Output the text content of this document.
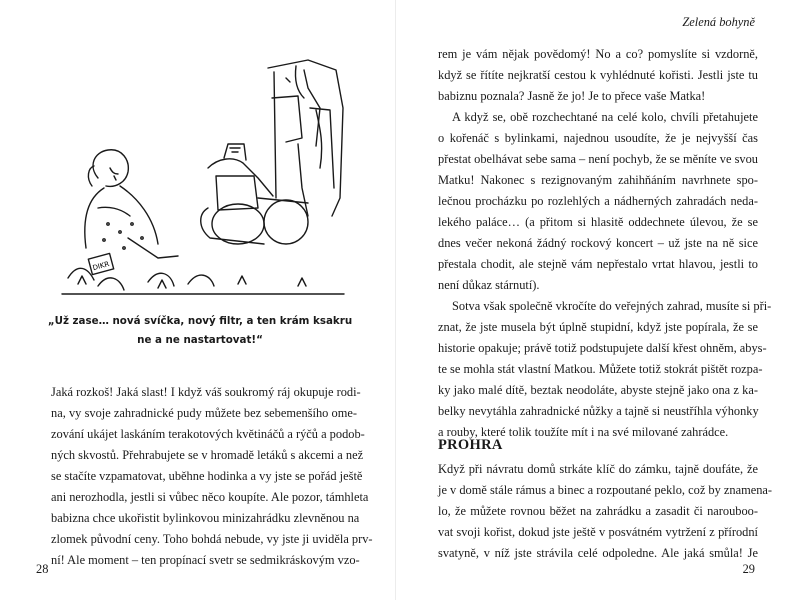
DIKR
„Už zase… nová svíčka, nový filtr, a ten krám ksakru
ne a ne nastartovat!“
Jaká rozkoš! Jaká slast! I když váš soukromý ráj okupuje rodi-
na, vy svoje zahradnické pudy můžete bez sebemenšího ome-
zování ukájet laskáním terakotových květináčů a rýčů a podob-
ných skvostů. Přehrabujete se v hromadě letáků s akcemi a než
se stačíte vzpamatovat, uběhne hodinka a vy jste se pořád ještě
ani nerozhodla, jestli si vůbec něco koupíte. Ale pozor, támhleta
babizna chce ukořistit bylinkovou minizahrádku zlevněnou na
zlomek původní ceny. Toho bohdá nebude, vy jste ji uviděla prv-
ní! Ale moment – ten propínací svetr se sedmikráskovým vzo-
28
Zelená bohyně
rem je vám nějak povědomý! No a co? pomyslíte si vzdorně,
když se řítíte nejkratší cestou k vyhlédnuté kořisti. Jestli jste tu
babiznu poznala? Jasně že jo! Je to přece vaše Matka!
A když se, obě rozchechtané na celé kolo, chvíli přetahujete
o kořenáč s bylinkami, najednou usoudíte, že je nejvyšší čas
přestat obelhávat sebe sama – není pochyb, že se měníte ve svou
Matku! Nakonec s rezignovaným zahihňáním navrhnete spo-
lečnou procházku po rozlehlých a nádherných zahradách neda-
lekého paláce… (a přitom si hlasitě oddechnete úlevou, že se
dnes večer nekoná žádný rockový koncert – už jste na ně sice
přestala chodit, ale stejně vám nepřestalo vrtat hlavou, jestli to
není důkaz stárnutí).
Sotva však společně vkročíte do veřejných zahrad, musíte si při-
znat, že jste musela být úplně stupidní, když jste popírala, že se
historie opakuje; právě totiž podstupujete další křest ohněm, abys-
te se mohla stát vlastní Matkou. Můžete totiž stokrát pištět rozpa-
ky jako malé dítě, beztak neodoláte, abyste stejně jako ona z ka-
belky nevytáhla zahradnické nůžky a tajně si neustříhla výhonky
a rouby, které tolik toužíte mít i na své milované zahrádce.
PROHRA
Když při návratu domů strkáte klíč do zámku, tajně doufáte, že
je v domě stále rámus a binec a rozpoutané peklo, což by znamena-
lo, že můžete rovnou běžet na zahrádku a zasadit či narouboo-
vat svoji kořist, dokud jste ještě v posvátném vytržení z přírodní
svatyně, v níž jste strávila celé odpoledne. Ale jaká smůla! Je
29
